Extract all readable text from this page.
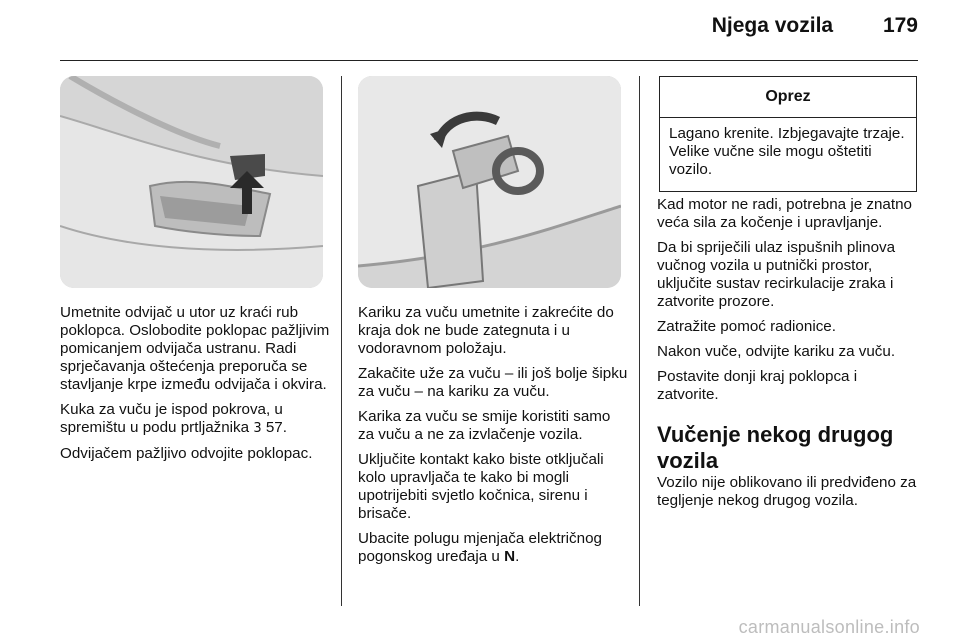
Njega vozila 179

Umetnite odvijač u utor uz kraći rub poklopca. Oslobodite poklopac pažljivim pomicanjem odvijača ustranu. Radi sprječavanja oštećenja preporuča se stavljanje krpe između odvijača i okvira.

Kuka za vuču je ispod pokrova, u spremištu u podu prtljažnika 3 57.

Odvijačem pažljivo odvojite poklopac.

Kariku za vuču umetnite i zakrećite do kraja dok ne bude zategnuta i u vodoravnom položaju.

Zakačite uže za vuču – ili još bolje šipku za vuču – na kariku za vuču.

Karika za vuču se smije koristiti samo za vuču a ne za izvlačenje vozila.

Uključite kontakt kako biste otključali kolo upravljača te kako bi mogli upotrijebiti svjetlo kočnica, sirenu i brisače.

Ubacite polugu mjenjača električnog pogonskog uređaja u N.

Oprez
Lagano krenite. Izbjegavajte trzaje. Velike vučne sile mogu oštetiti vozilo.

Kad motor ne radi, potrebna je znatno veća sila za kočenje i upravljanje.

Da bi spriječili ulaz ispušnih plinova vučnog vozila u putnički prostor, uključite sustav recirkulacije zraka i zatvorite prozore.

Zatražite pomoć radionice.

Nakon vuče, odvijte kariku za vuču.

Postavite donji kraj poklopca i zatvorite.

Vučenje nekog drugog vozila

Vozilo nije oblikovano ili predviđeno za tegljenje nekog drugog vozila.

carmanualsonline.info
